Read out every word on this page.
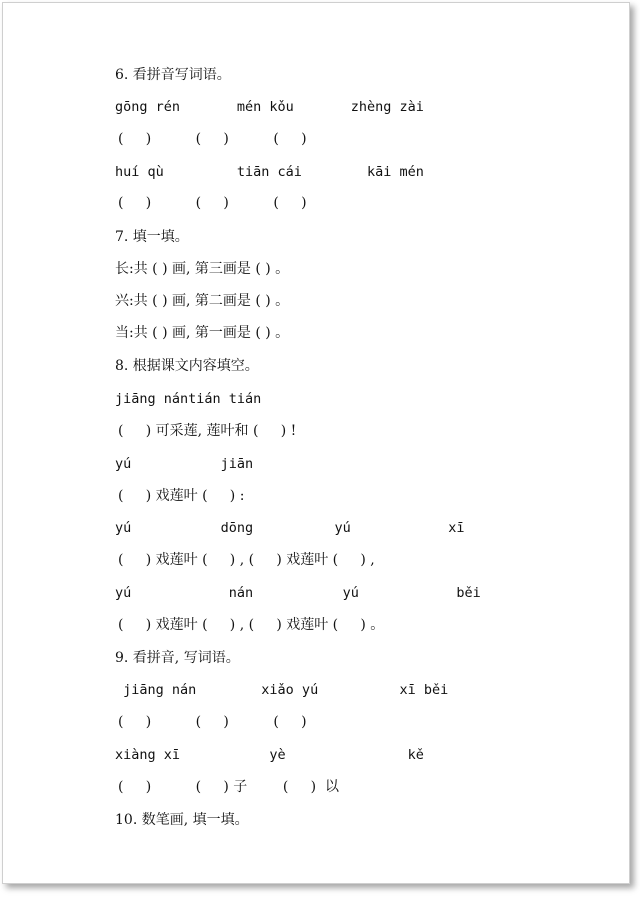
6. 看拼音写词语。
gōng rén       mén kǒu       zhèng zài
(     )          (     )          (     )
huí qù         tiān cái        kāi mén
(     )          (     )          (     )
7. 填一填。
长:共 ( ) 画, 第三画是 ( ) 。
兴:共 ( ) 画, 第二画是 ( ) 。
当:共 ( ) 画, 第一画是 ( ) 。
8. 根据课文内容填空。
jiāng nántián tián
(     ) 可采莲, 莲叶和 (     ) !
yú           jiān
(     ) 戏莲叶 (     ) :
yú           dōng          yú            xī
(     ) 戏莲叶 (     ) , (     ) 戏莲叶 (     ) ,
yú            nán           yú            běi
(     ) 戏莲叶 (     ) , (     ) 戏莲叶 (     ) 。
9. 看拼音, 写词语。
jiāng nán        xiǎo yú          xī běi
(     )          (     )          (     )
xiàng xī           yè               kě
(     )          (     ) 子        (     )  以
10. 数笔画, 填一填。
